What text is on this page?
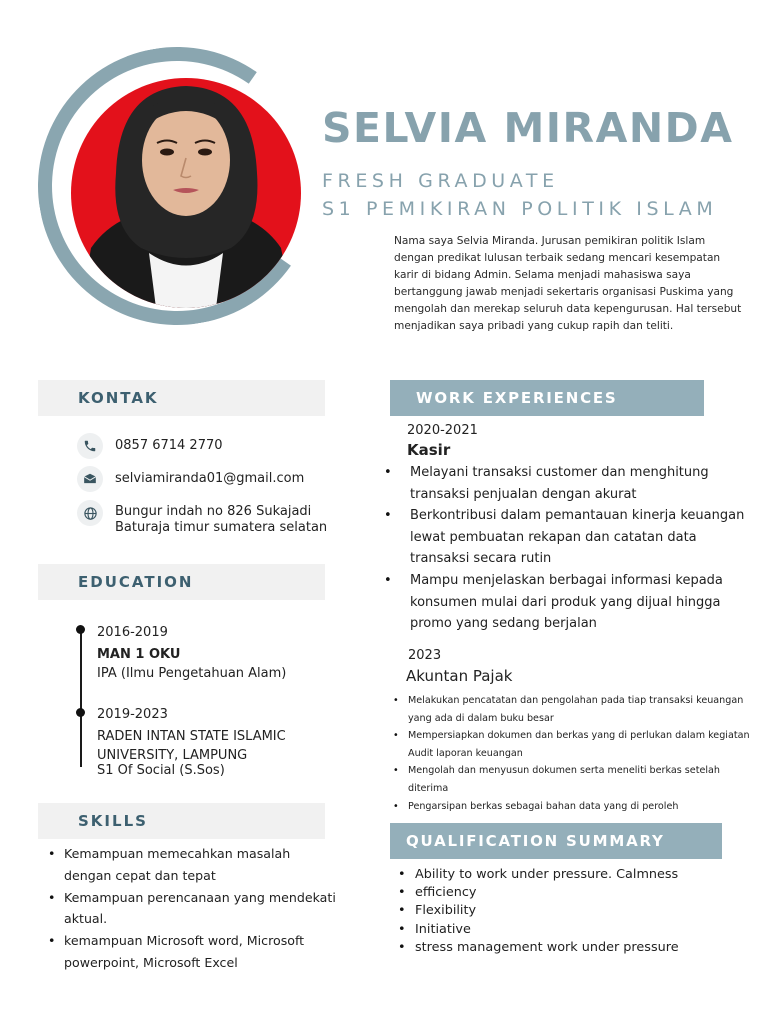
SELVIA MIRANDA
FRESH GRADUATE
S1 PEMIKIRAN POLITIK ISLAM

Nama saya Selvia Miranda. Jurusan pemikiran politik Islam dengan predikat lulusan terbaik sedang mencari kesempatan karir di bidang Admin. Selama menjadi mahasiswa saya bertanggung jawab menjadi sekertaris organisasi Puskima yang mengolah dan merekap seluruh data kepengurusan. Hal tersebut menjadikan saya pribadi yang cukup rapih dan teliti.

KONTAK
0857 6714 2770
selviamiranda01@gmail.com
Bungur indah no 826 Sukajadi
Baturaja timur sumatera selatan
EDUCATION
2016-2019
MAN 1 OKU
IPA (Ilmu Pengetahuan Alam)
2019-2023
RADEN INTAN STATE ISLAMIC
UNIVERSITY, LAMPUNG
S1 Of Social (S.Sos)
SKILLS
• Kemampuan memecahkan masalah dengan cepat dan tepat
• Kemampuan perencanaan yang mendekati aktual.
• kemampuan Microsoft word, Microsoft powerpoint, Microsoft Excel
WORK EXPERIENCES
2020-2021
Kasir
• Melayani transaksi customer dan menghitung transaksi penjualan dengan akurat
• Berkontribusi dalam pemantauan kinerja keuangan lewat pembuatan rekapan dan catatan data transaksi secara rutin
• Mampu menjelaskan berbagai informasi kepada konsumen mulai dari produk yang dijual hingga promo yang sedang berjalan
2023
Akuntan Pajak
• Melakukan pencatatan dan pengolahan pada tiap transaksi keuangan yang ada di dalam buku besar
• Mempersiapkan dokumen dan berkas yang di perlukan dalam kegiatan Audit laporan keuangan
• Mengolah dan menyusun dokumen serta meneliti berkas setelah diterima
• Pengarsipan berkas sebagai bahan data yang di peroleh
QUALIFICATION SUMMARY
• Ability to work under pressure. Calmness
• efficiency
• Flexibility
• Initiative
• stress management work under pressure
